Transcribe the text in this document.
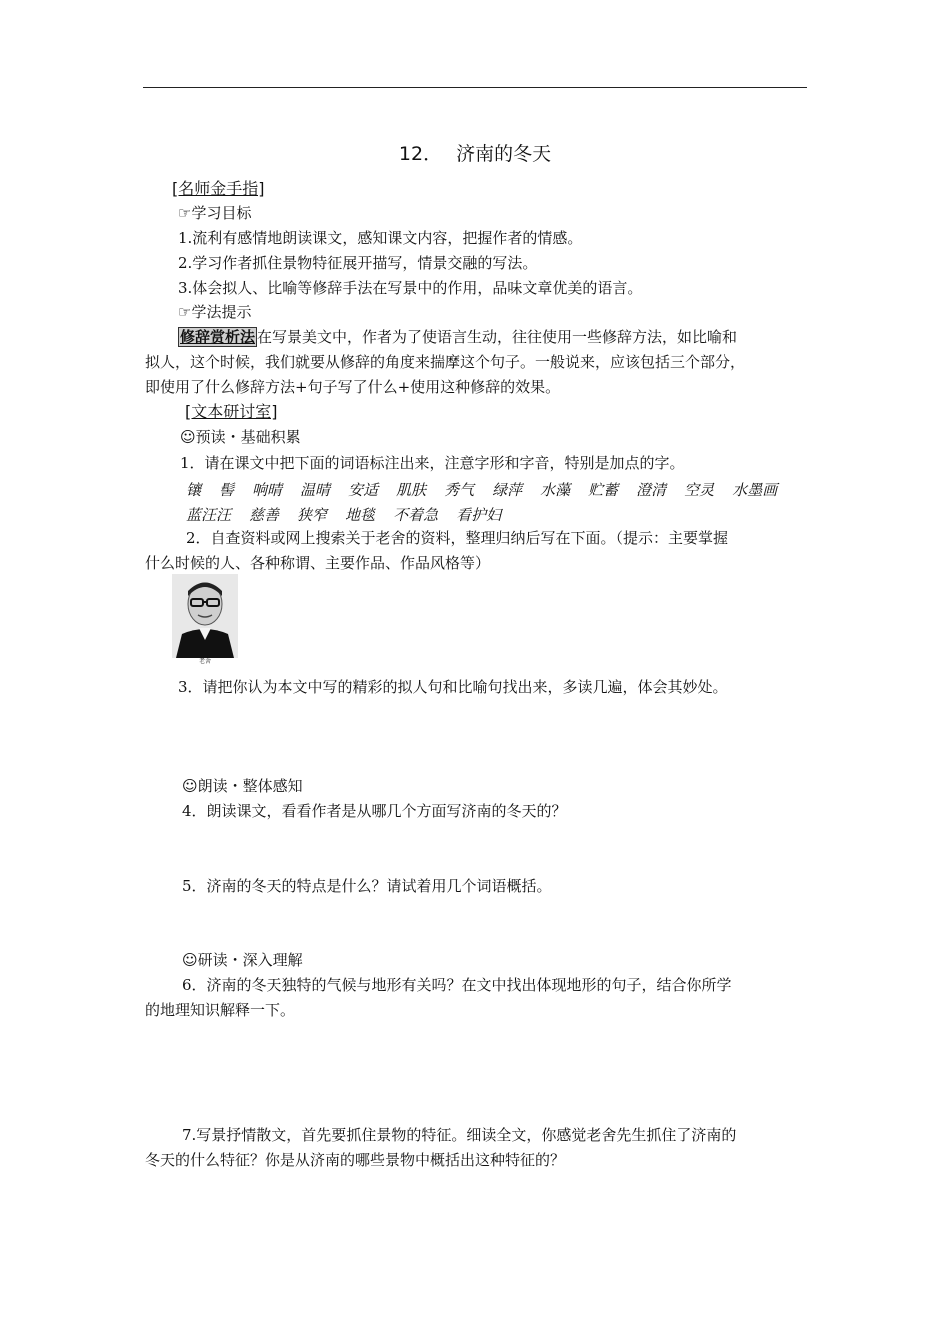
12． 济南的冬天
[名师金手指]
☞学习目标
1.流利有感情地朗读课文，感知课文内容，把握作者的情感。
2.学习作者抓住景物特征展开描写，情景交融的写法。
3.体会拟人、比喻等修辞手法在写景中的作用，品味文章优美的语言。
☞学法提示
修辞赏析法 在写景美文中，作者为了使语言生动，往往使用一些修辞方法，如比喻和
拟人，这个时候，我们就要从修辞的角度来揣摩这个句子。一般说来，应该包括三个部分，
即使用了什么修辞方法+句子写了什么+使用这种修辞的效果。
[文本研讨室]
☺预读・基础积累
1．请在课文中把下面的词语标注出来，注意字形和字音，特别是加点的字。
镶 髻 响晴 温晴 安适 肌肤 秀气 绿萍 水藻 贮蓄 澄清 空灵 水墨画
蓝汪汪 慈善 狭窄 地毯 不着急 看护妇
2．自查资料或网上搜索关于老舍的资料，整理归纳后写在下面。（提示：主要掌握
什么时候的人、各种称谓、主要作品、作品风格等）
老舍
3．请把你认为本文中写的精彩的拟人句和比喻句找出来，多读几遍，体会其妙处。
☺朗读・整体感知
4．朗读课文，看看作者是从哪几个方面写济南的冬天的？
5．济南的冬天的特点是什么？请试着用几个词语概括。
☺研读・深入理解
6．济南的冬天独特的气候与地形有关吗？在文中找出体现地形的句子，结合你所学
的地理知识解释一下。
7.写景抒情散文，首先要抓住景物的特征。细读全文，你感觉老舍先生抓住了济南的
冬天的什么特征？你是从济南的哪些景物中概括出这种特征的？
